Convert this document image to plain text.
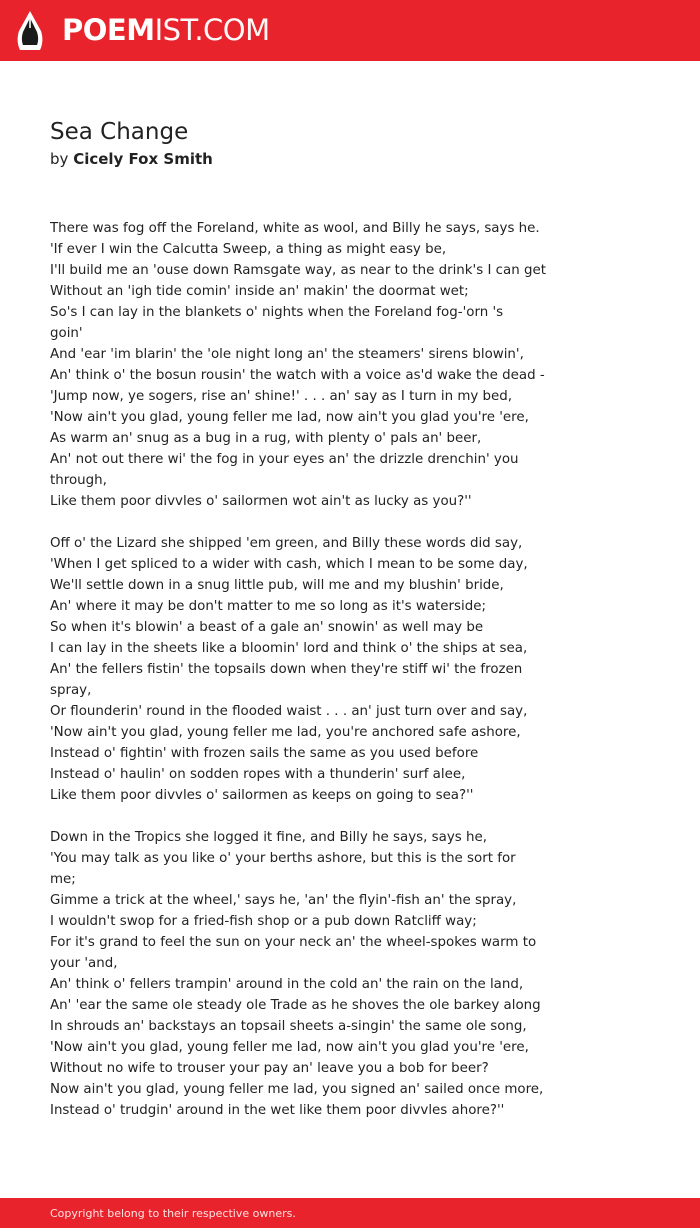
POEMIST.COM
Sea Change
by Cicely Fox Smith
There was fog off the Foreland, white as wool, and Billy he says, says he.
'If ever I win the Calcutta Sweep, a thing as might easy be,
I'll build me an 'ouse down Ramsgate way, as near to the drink's I can get
Without an 'igh tide comin' inside an' makin' the doormat wet;
So's I can lay in the blankets o' nights when the Foreland fog-'orn 's
goin'
And 'ear 'im blarin' the 'ole night long an' the steamers' sirens blowin',
An' think o' the bosun rousin' the watch with a voice as'd wake the dead -
'Jump now, ye sogers, rise an' shine!' . . . an' say as I turn in my bed,
'Now ain't you glad, young feller me lad, now ain't you glad you're 'ere,
As warm an' snug as a bug in a rug, with plenty o' pals an' beer,
An' not out there wi' the fog in your eyes an' the drizzle drenchin' you
through,
Like them poor divvles o' sailormen wot ain't as lucky as you?''
Off o' the Lizard she shipped 'em green, and Billy these words did say,
'When I get spliced to a wider with cash, which I mean to be some day,
We'll settle down in a snug little pub, will me and my blushin' bride,
An' where it may be don't matter to me so long as it's waterside;
So when it's blowin' a beast of a gale an' snowin' as well may be
I can lay in the sheets like a bloomin' lord and think o' the ships at sea,
An' the fellers fistin' the topsails down when they're stiff wi' the frozen
spray,
Or flounderin' round in the flooded waist . . . an' just turn over and say,
'Now ain't you glad, young feller me lad, you're anchored safe ashore,
Instead o' fightin' with frozen sails the same as you used before
Instead o' haulin' on sodden ropes with a thunderin' surf alee,
Like them poor divvles o' sailormen as keeps on going to sea?''
Down in the Tropics she logged it fine, and Billy he says, says he,
'You may talk as you like o' your berths ashore, but this is the sort for
me;
Gimme a trick at the wheel,' says he, 'an' the flyin'-fish an' the spray,
I wouldn't swop for a fried-fish shop or a pub down Ratcliff way;
For it's grand to feel the sun on your neck an' the wheel-spokes warm to
your 'and,
An' think o' fellers trampin' around in the cold an' the rain on the land,
An' 'ear the same ole steady ole Trade as he shoves the ole barkey along
In shrouds an' backstays an topsail sheets a-singin' the same ole song,
'Now ain't you glad, young feller me lad, now ain't you glad you're 'ere,
Without no wife to trouser your pay an' leave you a bob for beer?
Now ain't you glad, young feller me lad, you signed an' sailed once more,
Instead o' trudgin' around in the wet like them poor divvles ahore?''
Copyright belong to their respective owners.
